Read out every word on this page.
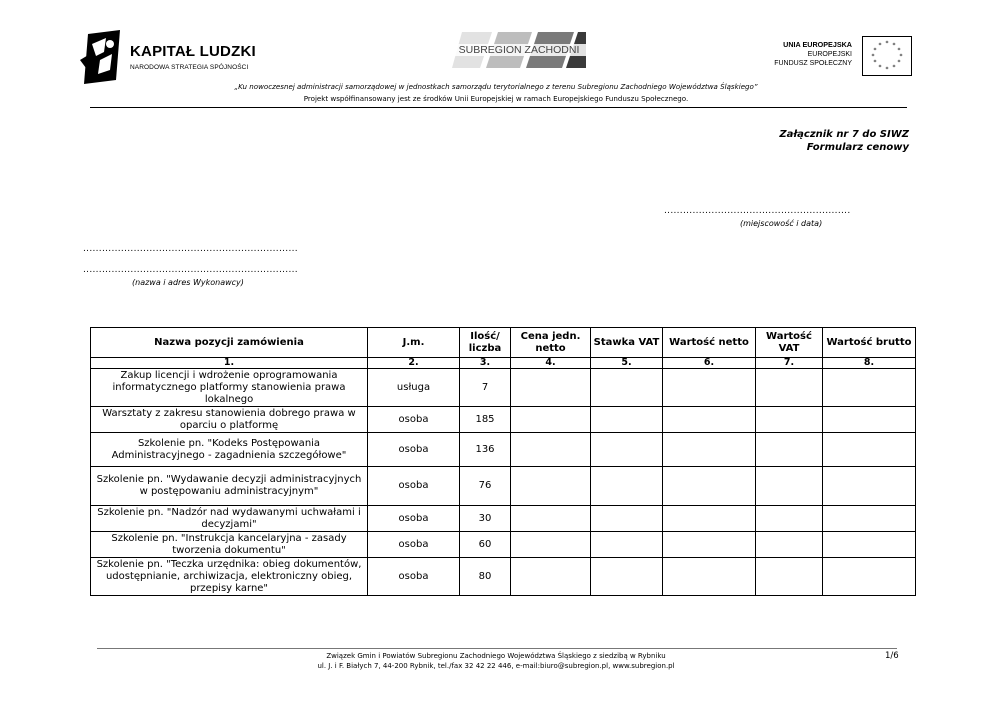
KAPITAŁ LUDZKI
NARODOWA STRATEGIA SPÓJNOŚCI
SUBREGION ZACHODNI	UNIA EUROPEJSKA
EUROPEJSKI
FUNDUSZ SPOŁECZNY
* *
*
*
*
*
*
*
*
*
*
*
„Ku nowoczesnej administracji samorządowej w jednostkach samorządu terytorialnego z terenu Subregionu Zachodniego Województwa Śląskiego”
Projekt współfinansowany jest ze środków Unii Europejskiej w ramach Europejskiego Funduszu Społecznego.
Załącznik nr 7 do SIWZ
Formularz cenowy
...........................................................
(miejscowość i data)
....................................................................
....................................................................
(nazwa i adres Wykonawcy)
Nazwa pozycji zamówienia	J.m.	Ilość/ liczba	Cena jedn. netto	Stawka VAT	Wartość netto	Wartość VAT	Wartość brutto
1.	2.	3.	4.	5.	6.	7.	8.
Zakup licencji i wdrożenie oprogramowania informatycznego platformy stanowienia prawa lokalnego	usługa	7					
Warsztaty z zakresu stanowienia dobrego prawa w oparciu o platformę	osoba	185					
Szkolenie pn. "Kodeks Postępowania Administracyjnego - zagadnienia szczegółowe"	osoba	136					
Szkolenie pn. "Wydawanie decyzji administracyjnych w postępowaniu administracyjnym"	osoba	76					
Szkolenie pn. "Nadzór nad wydawanymi uchwałami i decyzjami"	osoba	30					
Szkolenie pn. "Instrukcja kancelaryjna - zasady tworzenia dokumentu"	osoba	60					
Szkolenie pn. "Teczka urzędnika: obieg dokumentów, udostępnianie, archiwizacja, elektroniczny obieg, przepisy karne"	osoba	80					
Związek Gmin i Powiatów Subregionu Zachodniego Województwa Śląskiego z siedzibą w Rybniku
ul. J. i F. Białych 7, 44-200 Rybnik, tel./fax 32 42 22 446, e-mail:biuro@subregion.pl, www.subregion.pl
1/6
